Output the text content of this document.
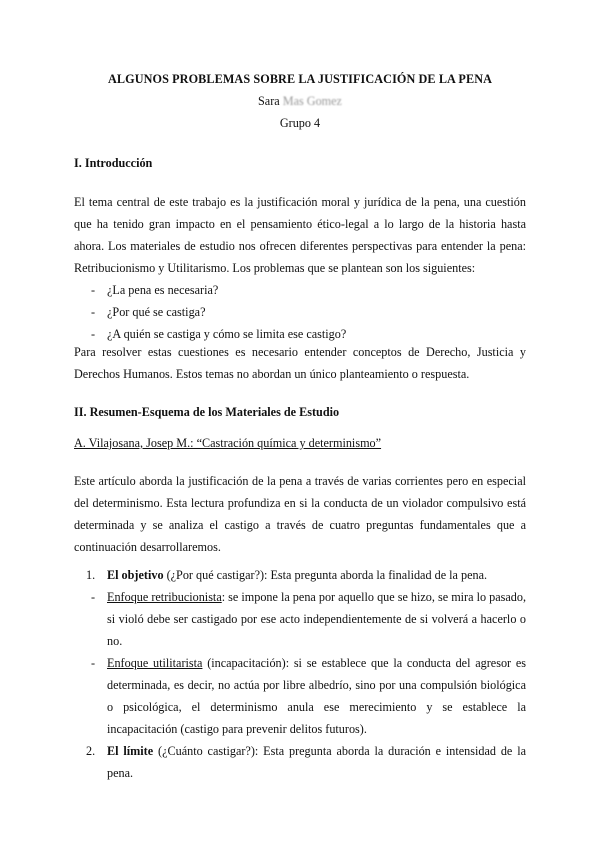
ALGUNOS PROBLEMAS SOBRE LA JUSTIFICACIÓN DE LA PENA
Sara Mas Gomez
Grupo 4
I. Introducción

El tema central de este trabajo es la justificación moral y jurídica de la pena, una cuestión que ha tenido gran impacto en el pensamiento ético-legal a lo largo de la historia hasta ahora. Los materiales de estudio nos ofrecen diferentes perspectivas para entender la pena: Retribucionismo y Utilitarismo. Los problemas que se plantean son los siguientes:

- ¿La pena es necesaria?
- ¿Por qué se castiga?
- ¿A quién se castiga y cómo se limita ese castigo?

Para resolver estas cuestiones es necesario entender conceptos de Derecho, Justicia y Derechos Humanos. Estos temas no abordan un único planteamiento o respuesta.

II. Resumen-Esquema de los Materiales de Estudio
A. Vilajosana, Josep M.: “Castración química y determinismo”

Este artículo aborda la justificación de la pena a través de varias corrientes pero en especial del determinismo. Esta lectura profundiza en si la conducta de un violador compulsivo está determinada y se analiza el castigo a través de cuatro preguntas fundamentales que a continuación desarrollaremos.

1. El objetivo (¿Por qué castigar?): Esta pregunta aborda la finalidad de la pena.
- Enfoque retribucionista: se impone la pena por aquello que se hizo, se mira lo pasado, si violó debe ser castigado por ese acto independientemente de si volverá a hacerlo o no.
- Enfoque utilitarista (incapacitación): si se establece que la conducta del agresor es determinada, es decir, no actúa por libre albedrío, sino por una compulsión biológica o psicológica, el determinismo anula ese merecimiento y se establece la incapacitación (castigo para prevenir delitos futuros).
2. El límite (¿Cuánto castigar?): Esta pregunta aborda la duración e intensidad de la pena.
